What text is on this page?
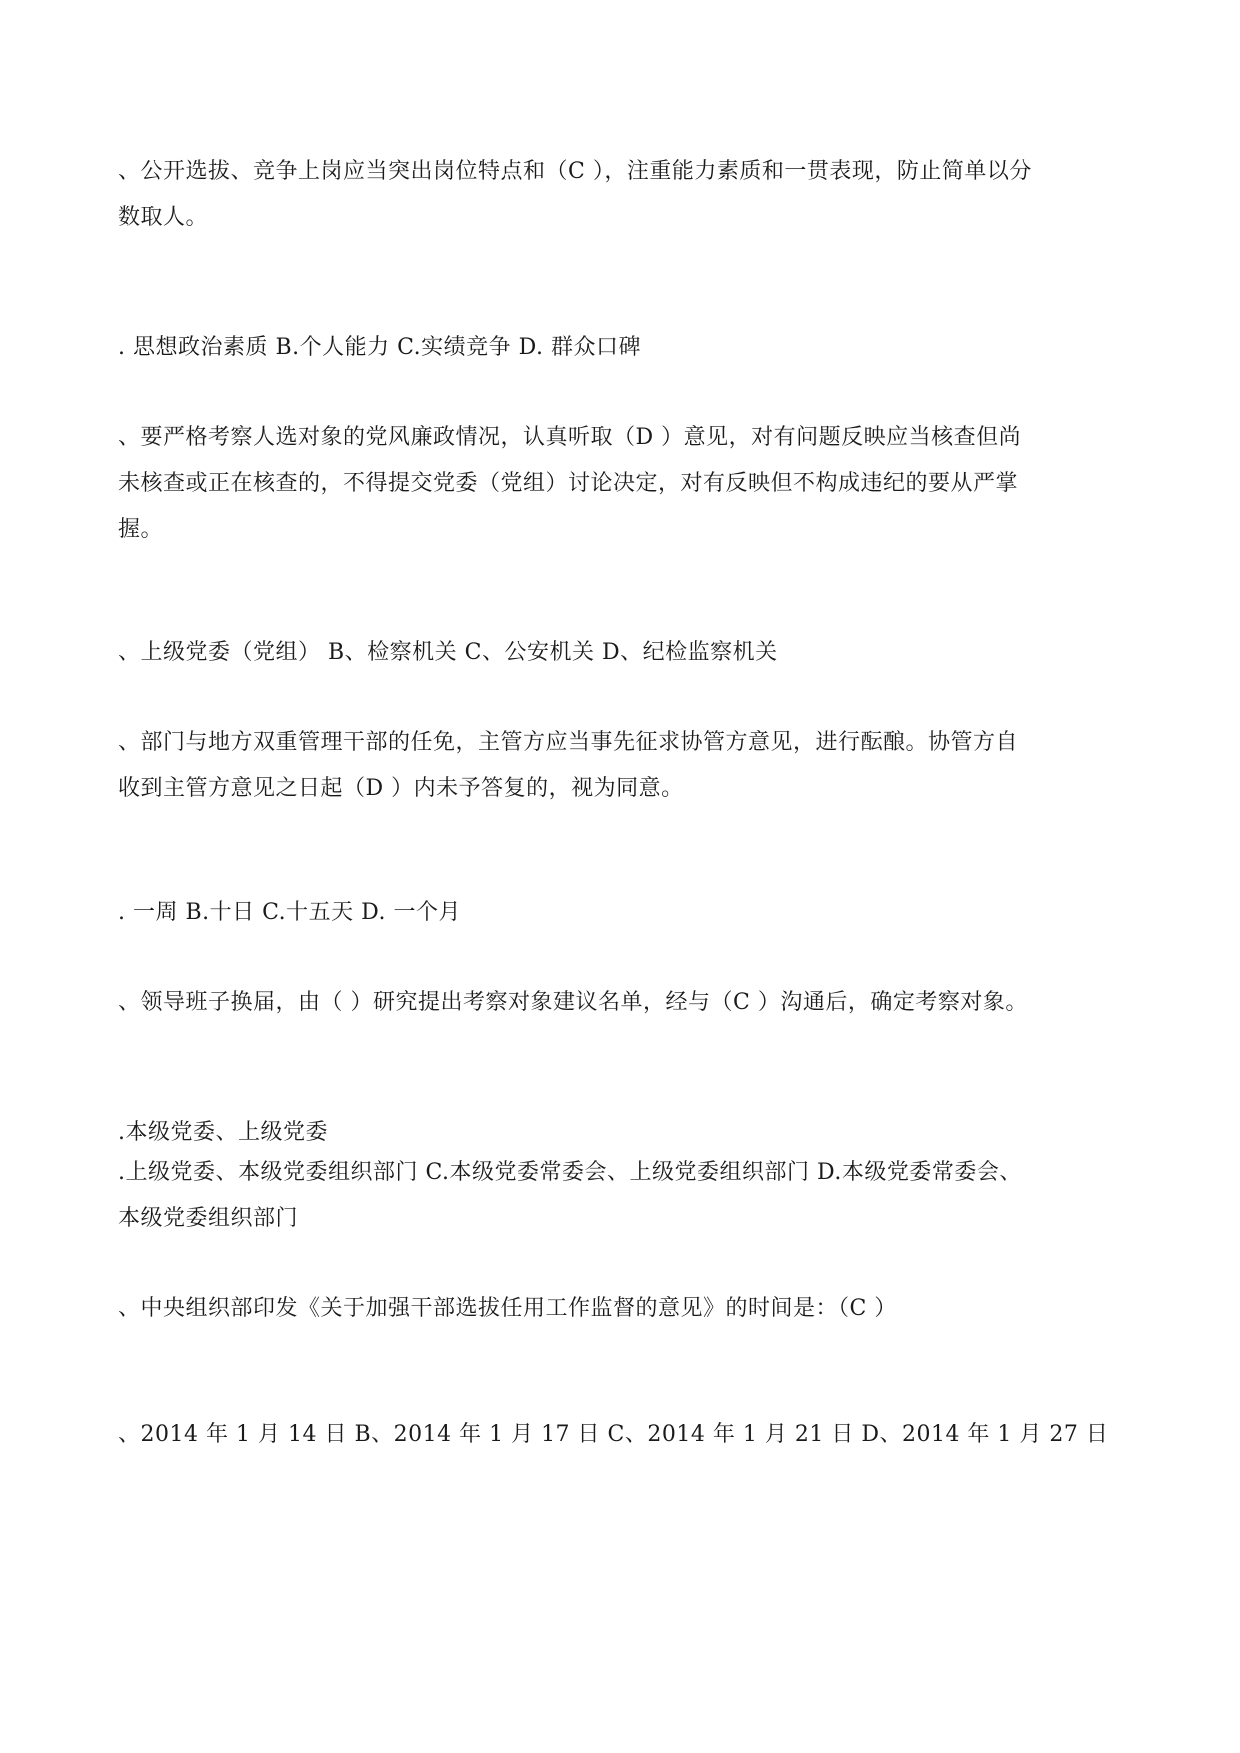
、公开选拔、竞争上岗应当突出岗位特点和（C ），注重能力素质和一贯表现，防止简单以分
数取人。
. 思想政治素质 B.个人能力 C.实绩竞争 D. 群众口碑
、要严格考察人选对象的党风廉政情况，认真听取（D ）意见，对有问题反映应当核查但尚
未核查或正在核查的，不得提交党委（党组）讨论决定，对有反映但不构成违纪的要从严掌
握。
、上级党委（党组） B、检察机关 C、公安机关 D、纪检监察机关
、部门与地方双重管理干部的任免，主管方应当事先征求协管方意见，进行酝酿。协管方自
收到主管方意见之日起（D ）内未予答复的，视为同意。
. 一周 B.十日 C.十五天 D. 一个月
、领导班子换届，由（ ）研究提出考察对象建议名单，经与（C ）沟通后，确定考察对象。
.本级党委、上级党委
.上级党委、本级党委组织部门 C.本级党委常委会、上级党委组织部门 D.本级党委常委会、
本级党委组织部门
、中央组织部印发《关于加强干部选拔任用工作监督的意见》的时间是：（C ）
、2014 年 1 月 14 日 B、2014 年 1 月 17 日 C、2014 年 1 月 21 日 D、2014 年 1 月 27 日
